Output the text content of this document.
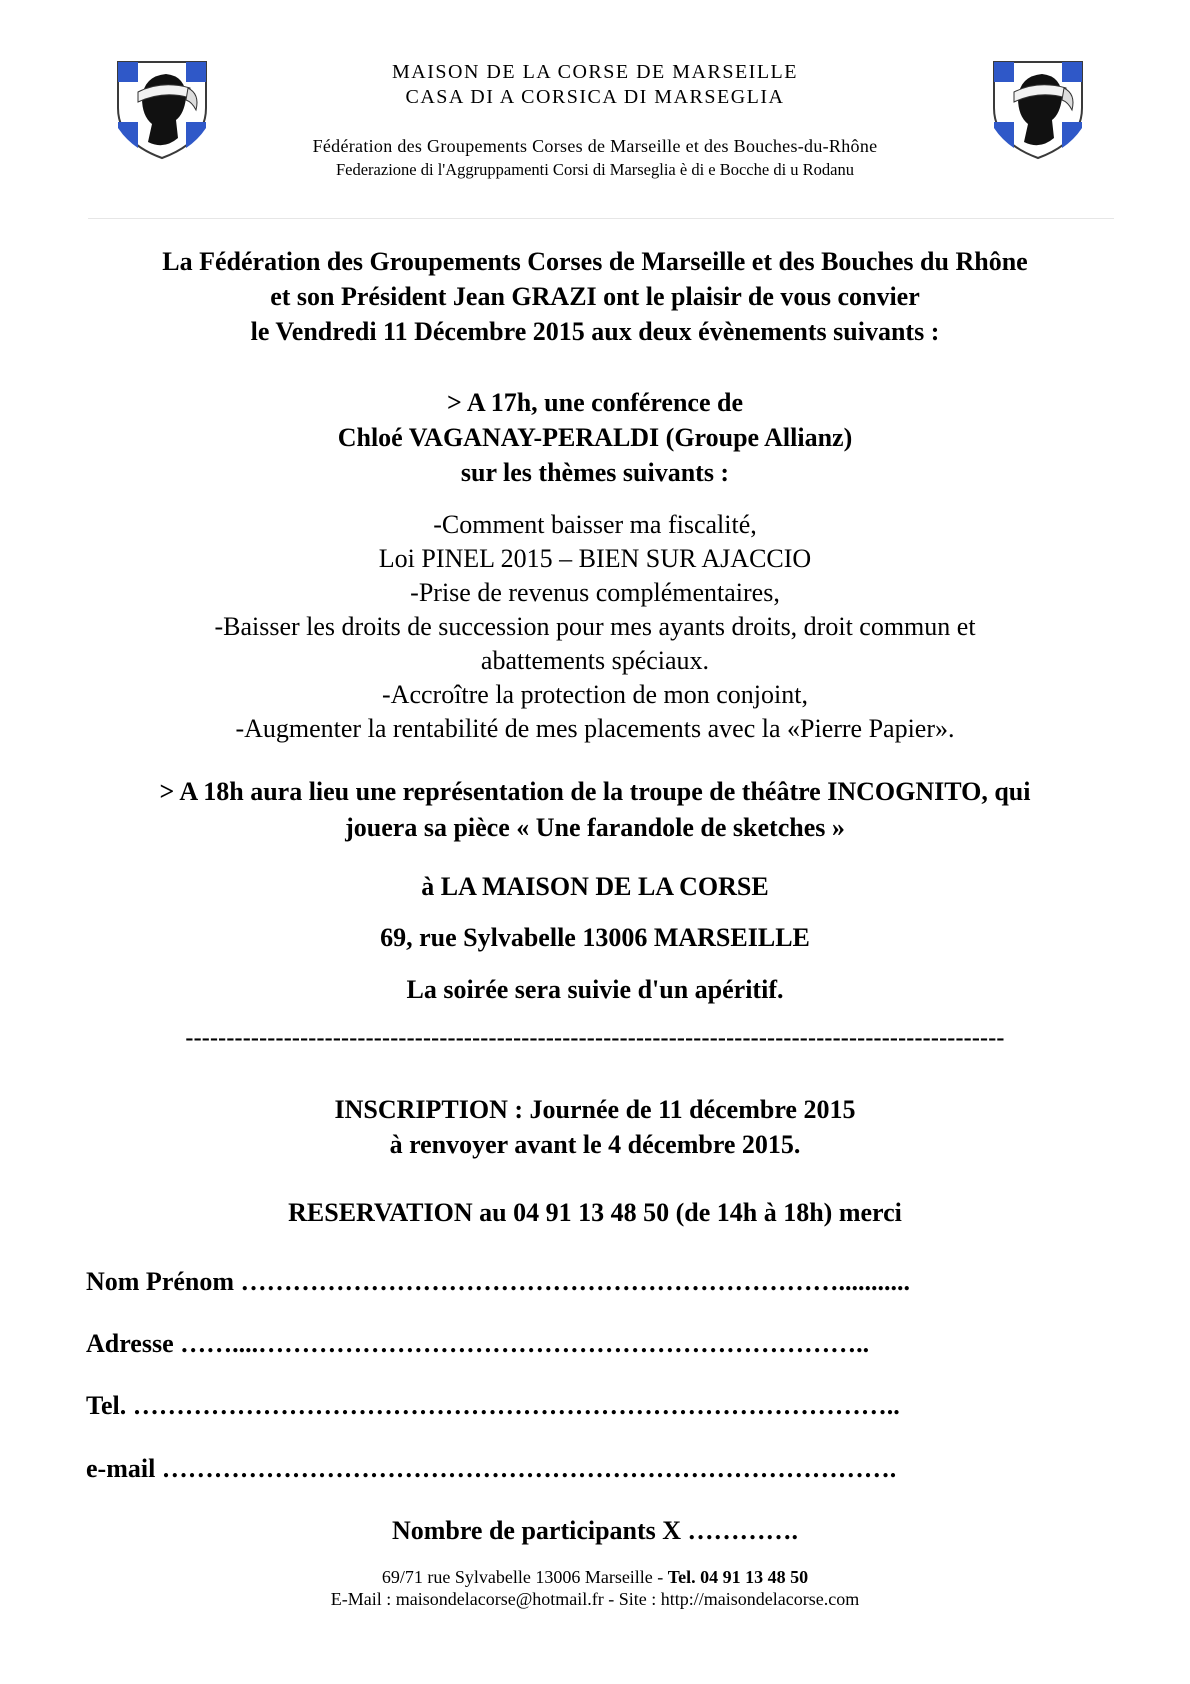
MAISON DE LA CORSE DE MARSEILLE
CASA DI A CORSICA DI MARSEGLIA
Fédération des Groupements Corses de Marseille et des Bouches-du-Rhône
Federazione di l'Aggruppamenti Corsi di Marseglia è di e Bocche di u Rodanu
La Fédération des Groupements Corses de Marseille et des Bouches du Rhône
et son Président Jean GRAZI ont le plaisir de vous convier
le Vendredi 11 Décembre 2015 aux deux évènements suivants :
> A 17h, une conférence de
Chloé VAGANAY-PERALDI (Groupe Allianz)
sur les thèmes suivants :
-Comment baisser ma fiscalité,
Loi PINEL 2015 – BIEN SUR AJACCIO
-Prise de revenus complémentaires,
-Baisser les droits de succession pour mes ayants droits, droit commun et
abattements spéciaux.
-Accroître la protection de mon conjoint,
-Augmenter la rentabilité de mes placements avec la «Pierre Papier».
> A 18h aura lieu une représentation de la troupe de théâtre INCOGNITO, qui
jouera sa pièce « Une farandole de sketches »
à LA MAISON DE LA CORSE
69, rue Sylvabelle 13006 MARSEILLE
La soirée sera suivie d'un apéritif.
----------------------------------------------------------------------------------------------------
INSCRIPTION : Journée de 11 décembre 2015
à renvoyer avant le 4 décembre 2015.
RESERVATION au 04 91 13 48 50 (de 14h à 18h) merci
Nom Prénom ……………………………………………………………...........
Adresse ……....……………………………………………………………..
Tel. ……………………………………………………………………………..
e-mail ………………………………………………………………………….
Nombre de participants X ………….
69/71 rue Sylvabelle 13006 Marseille - Tel. 04 91 13 48 50
E-Mail : maisondelacorse@hotmail.fr - Site : http://maisondelacorse.com
